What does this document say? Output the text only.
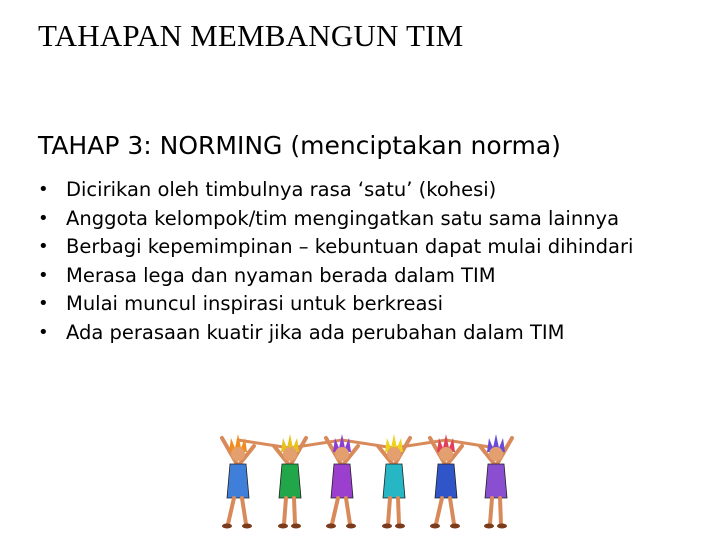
TAHAPAN MEMBANGUN TIM
TAHAP 3: NORMING (menciptakan norma)
• Dicirikan oleh timbulnya rasa ‘satu’ (kohesi)
• Anggota kelompok/tim mengingatkan satu sama lainnya
• Berbagi kepemimpinan – kebuntuan dapat mulai dihindari
• Merasa lega dan nyaman berada dalam TIM
• Mulai muncul inspirasi untuk berkreasi
• Ada perasaan kuatir jika ada perubahan dalam TIM
